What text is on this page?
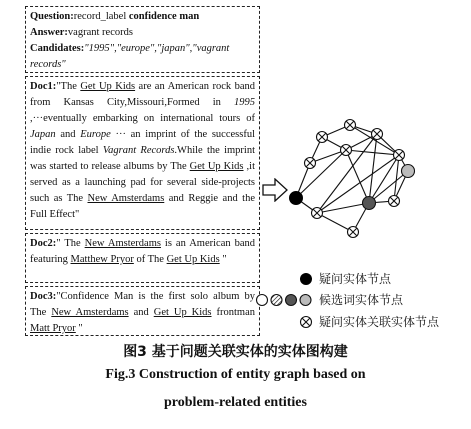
Question:record_label confidence man
Answer:vagrant records
Candidates:"1995","europe","japan","vagrant records"
Doc1:"The Get Up Kids are an American rock band from Kansas City,Missouri,Formed in 1995 ,···eventually embarking on international tours of Japan and Europe ··· an imprint of the successful indie rock label Vagrant Records.While the imprint was started to release albums by The Get Up Kids ,it served as a launching pad for several side-projects such as The New Amsterdams and Reggie and the Full Effect"
Doc2:" The New Amsterdams is an American band featuring Matthew Pryor of The Get Up Kids "
Doc3:"Confidence Man is the first solo album by The New Amsterdams and Get Up Kids frontman Matt Pryor "
疑问实体节点
候选词实体节点
疑问实体关联实体节点
图3 基于问题关联实体的实体图构建
Fig.3 Construction of entity graph based on
problem-related entities
